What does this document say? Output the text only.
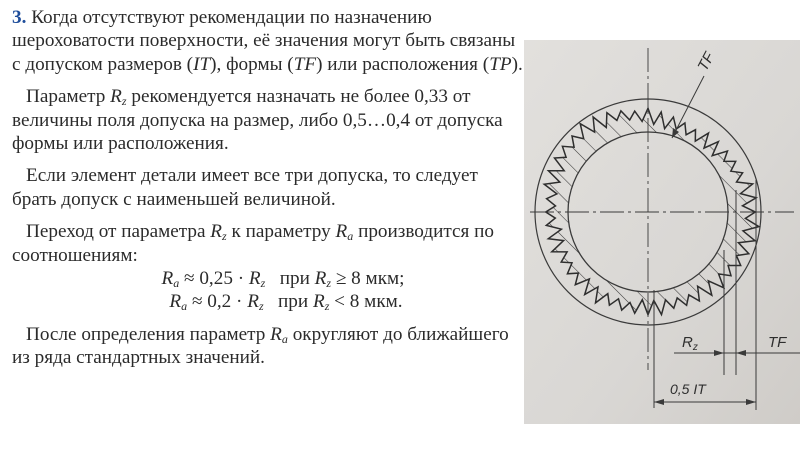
3. Когда отсутствуют рекомендации по назначению шероховатости поверхности, её значения могут быть связаны с допуском размеров (IT), формы (TF) или расположения (TP).

Параметр $R_z$ рекомендуется назначать не более 0,33 от величины поля допуска на размер, либо 0,5…0,4 от допуска формы или расположения.

Если элемент детали имеет все три допуска, то следует брать допуск с наименьшей величиной.

Переход от параметра $R_z$ к параметру $R_a$ производится по соотношениям:

$R_a \approx 0,25 \cdot R_z$   при $R_z \ge 8$ мкм;

$R_a \approx 0,2 \cdot R_z$   при $R_z < 8$ мкм.

После определения параметр $R_a$ округляют до ближайшего из ряда стандартных значений.

TF
$R_z$	TF
0,5 IT
